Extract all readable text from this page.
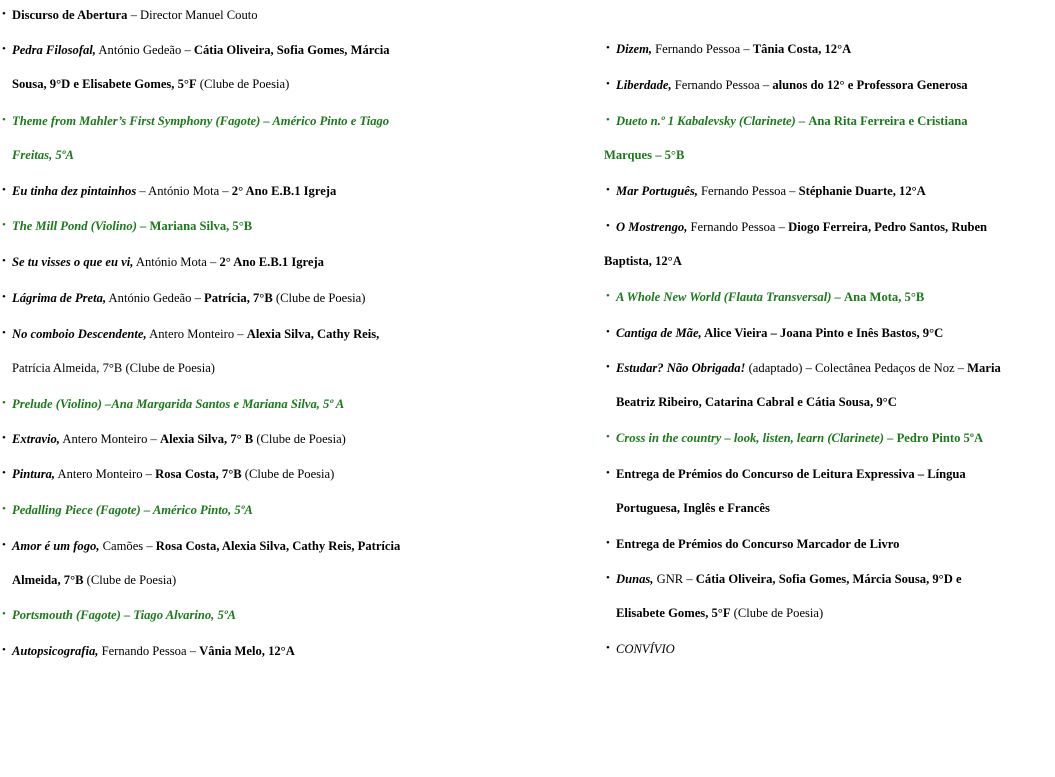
• Discurso de Abertura – Director Manuel Couto
• Pedra Filosofal, António Gedeão – Cátia Oliveira, Sofia Gomes, Márcia
Sousa, 9°D e Elisabete Gomes, 5°F (Clube de Poesia)
• Theme from Mahler’s First Symphony (Fagote) – Américo Pinto e Tiago
Freitas, 5ºA
• Eu tinha dez pintainhos – António Mota – 2° Ano E.B.1 Igreja
• The Mill Pond (Violino) – Mariana Silva, 5°B
• Se tu visses o que eu vi, António Mota – 2° Ano E.B.1 Igreja
• Lágrima de Preta, António Gedeão – Patrícia, 7°B (Clube de Poesia)
• No comboio Descendente, Antero Monteiro – Alexia Silva, Cathy Reis,
Patrícia Almeida, 7°B (Clube de Poesia)
• Prelude (Violino) –Ana Margarida Santos e Mariana Silva, 5º A
• Extravio, Antero Monteiro – Alexia Silva, 7° B (Clube de Poesia)
• Pintura, Antero Monteiro – Rosa Costa, 7°B (Clube de Poesia)
• Pedalling Piece (Fagote) – Américo Pinto, 5ºA
• Amor é um fogo, Camões – Rosa Costa, Alexia Silva, Cathy Reis, Patrícia
Almeida, 7°B (Clube de Poesia)
• Portsmouth (Fagote) – Tiago Alvarino, 5ºA
• Autopsicografia, Fernando Pessoa – Vânia Melo, 12°A
• Dizem, Fernando Pessoa – Tânia Costa, 12°A
• Liberdade, Fernando Pessoa – alunos do 12° e Professora Generosa
• Dueto n.º 1 Kabalevsky (Clarinete) – Ana Rita Ferreira e Cristiana
Marques – 5°B
• Mar Português, Fernando Pessoa – Stéphanie Duarte, 12°A
• O Mostrengo, Fernando Pessoa – Diogo Ferreira, Pedro Santos, Ruben
Baptista, 12°A
• A Whole New World (Flauta Transversal) – Ana Mota, 5°B
• Cantiga de Mãe, Alice Vieira – Joana Pinto e Inês Bastos, 9°C
• Estudar? Não Obrigada! (adaptado) – Colectânea Pedaços de Noz – Maria
Beatriz Ribeiro, Catarina Cabral e Cátia Sousa, 9°C
• Cross in the country – look, listen, learn (Clarinete) – Pedro Pinto 5ºA
• Entrega de Prémios do Concurso de Leitura Expressiva – Língua
Portuguesa, Inglês e Francês
• Entrega de Prémios do Concurso Marcador de Livro
• Dunas, GNR – Cátia Oliveira, Sofia Gomes, Márcia Sousa, 9°D e
Elisabete Gomes, 5°F (Clube de Poesia)
• CONVÍVIO
